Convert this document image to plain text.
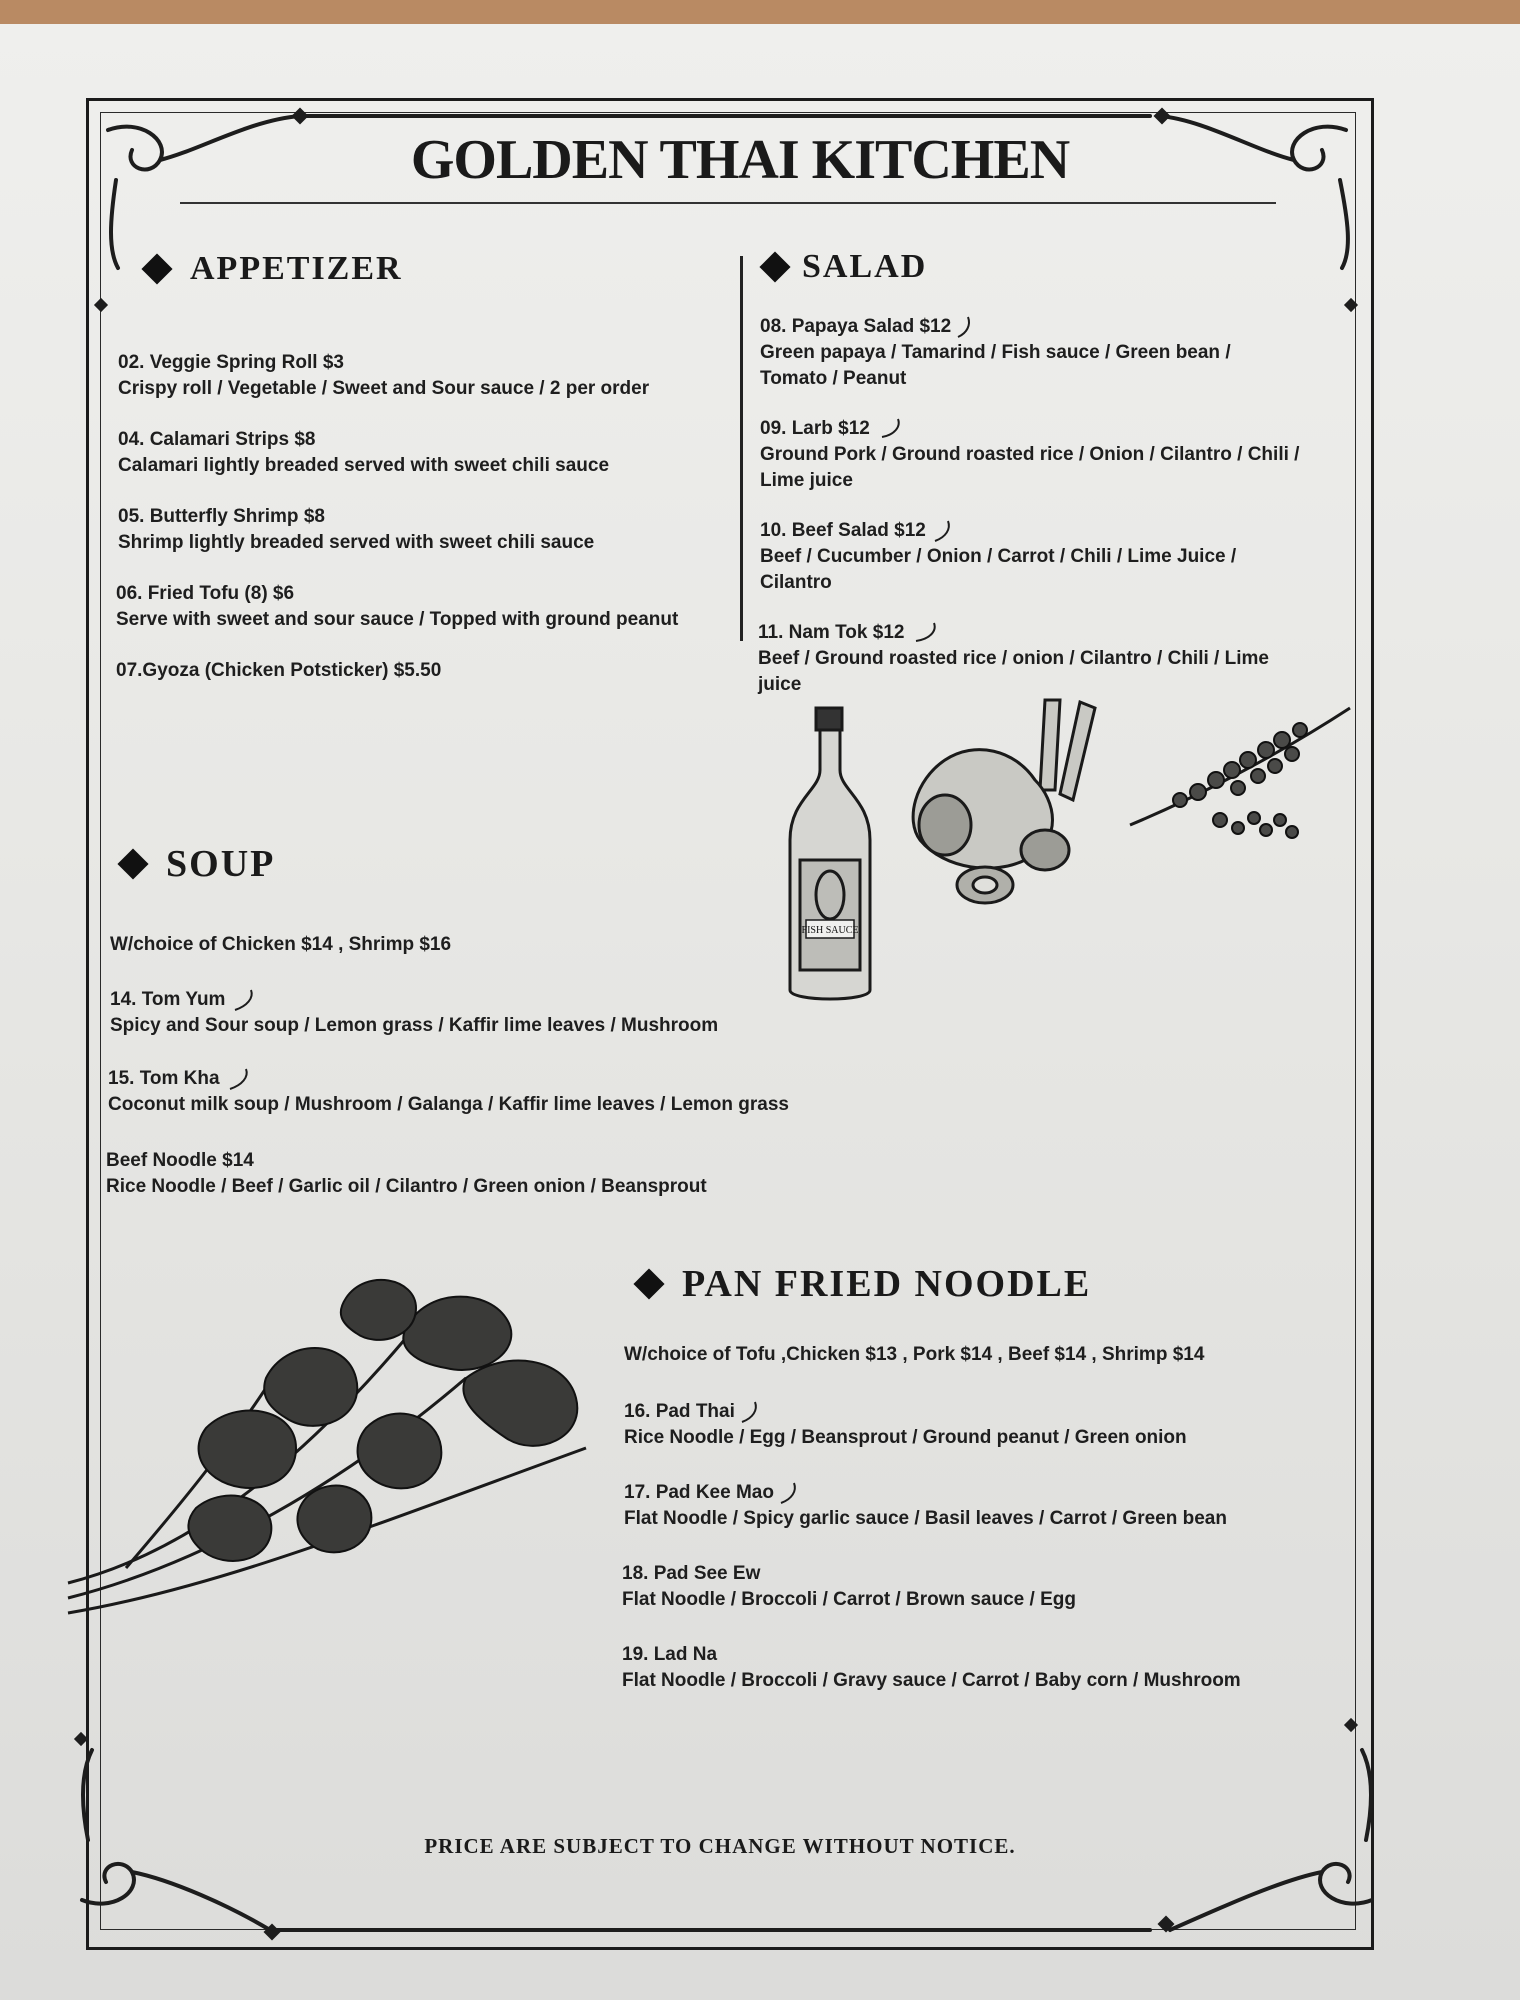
GOLDEN THAI KITCHEN
APPETIZER
02. Veggie Spring Roll $3
Crispy roll / Vegetable / Sweet and Sour sauce / 2 per order
04. Calamari Strips $8
Calamari lightly breaded served with sweet chili sauce
05. Butterfly Shrimp $8
Shrimp lightly breaded served with sweet chili sauce
06. Fried Tofu (8) $6
Serve with sweet and sour sauce / Topped with ground peanut
07.Gyoza (Chicken Potsticker) $5.50
SALAD
08. Papaya Salad $12
Green papaya / Tamarind / Fish sauce / Green bean /
Tomato / Peanut
09. Larb $12
Ground Pork / Ground roasted rice / Onion / Cilantro / Chili /
Lime juice
10. Beef Salad $12
Beef / Cucumber / Onion / Carrot / Chili / Lime Juice /
Cilantro
11. Nam Tok $12
Beef / Ground roasted rice / onion / Cilantro / Chili / Lime
juice
FISH SAUCE
SOUP
W/choice of Chicken $14 , Shrimp $16
14. Tom Yum
Spicy and Sour soup / Lemon grass / Kaffir lime leaves / Mushroom
15. Tom Kha
Coconut milk soup / Mushroom / Galanga / Kaffir lime leaves / Lemon grass
Beef Noodle $14
Rice Noodle / Beef / Garlic oil / Cilantro / Green onion / Beansprout
PAN FRIED NOODLE
W/choice of Tofu ,Chicken $13 , Pork $14 , Beef $14 , Shrimp $14
16. Pad Thai
Rice Noodle / Egg / Beansprout / Ground peanut / Green onion
17. Pad Kee Mao
Flat Noodle / Spicy garlic sauce / Basil leaves / Carrot / Green bean
18. Pad See Ew
Flat Noodle / Broccoli / Carrot / Brown sauce / Egg
19. Lad Na
Flat Noodle / Broccoli / Gravy sauce / Carrot / Baby corn / Mushroom
PRICE ARE SUBJECT TO CHANGE WITHOUT NOTICE.
